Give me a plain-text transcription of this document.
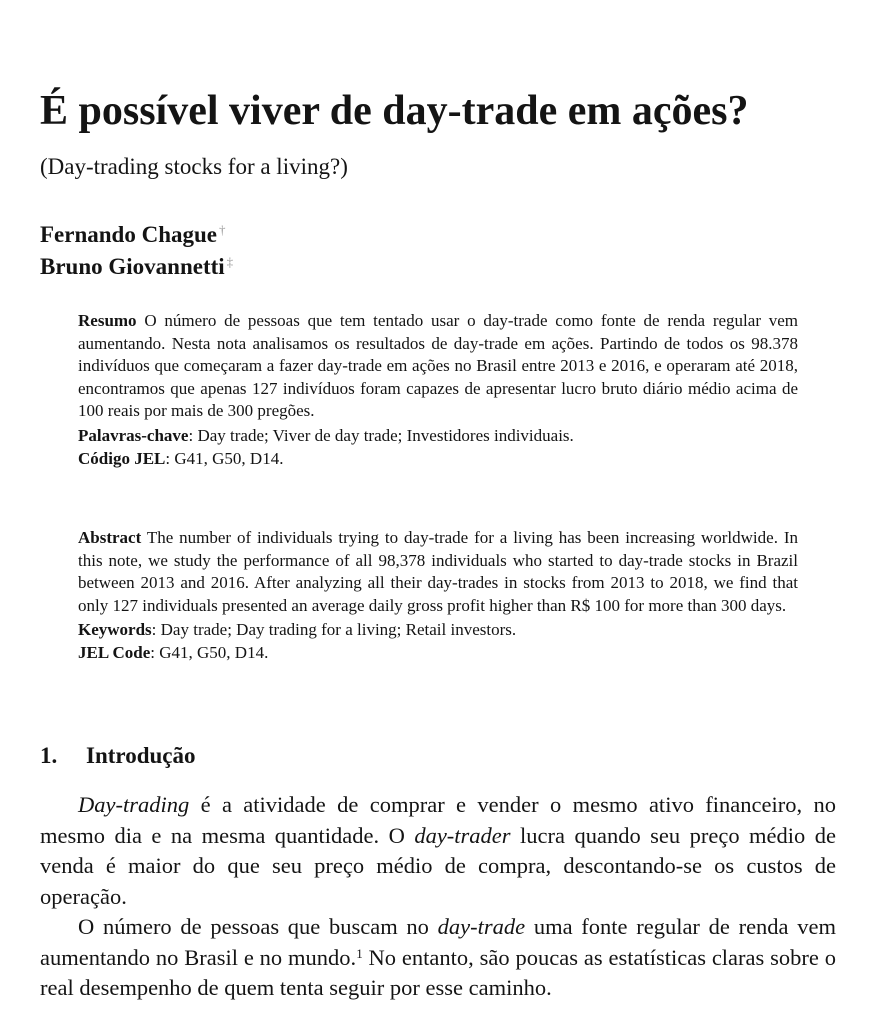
É possível viver de day-trade em ações?
(Day-trading stocks for a living?)
Fernando Chague †
Bruno Giovannetti ‡

Resumo O número de pessoas que tem tentado usar o day-trade como fonte de renda regular vem aumentando. Nesta nota analisamos os resultados de day-trade em ações. Partindo de todos os 98.378 indivíduos que começaram a fazer day-trade em ações no Brasil entre 2013 e 2016, e operaram até 2018, encontramos que apenas 127 indivíduos foram capazes de apresentar lucro bruto diário médio acima de 100 reais por mais de 300 pregões.

Palavras-chave: Day trade; Viver de day trade; Investidores individuais.

Código JEL: G41, G50, D14.

Abstract The number of individuals trying to day-trade for a living has been increasing worldwide. In this note, we study the performance of all 98,378 individuals who started to day-trade stocks in Brazil between 2013 and 2016. After analyzing all their day-trades in stocks from 2013 to 2018, we find that only 127 individuals presented an average daily gross profit higher than R$ 100 for more than 300 days.

Keywords: Day trade; Day trading for a living; Retail investors.

JEL Code: G41, G50, D14.

1. Introdução

Day-trading é a atividade de comprar e vender o mesmo ativo financeiro, no mesmo dia e na mesma quantidade. O day-trader lucra quando seu preço médio de venda é maior do que seu preço médio de compra, descontando-se os custos de operação.

O número de pessoas que buscam no day-trade uma fonte regular de renda vem aumentando no Brasil e no mundo.$^1$ No entanto, são poucas as estatísticas claras sobre o real desempenho de quem tenta seguir por esse caminho.
